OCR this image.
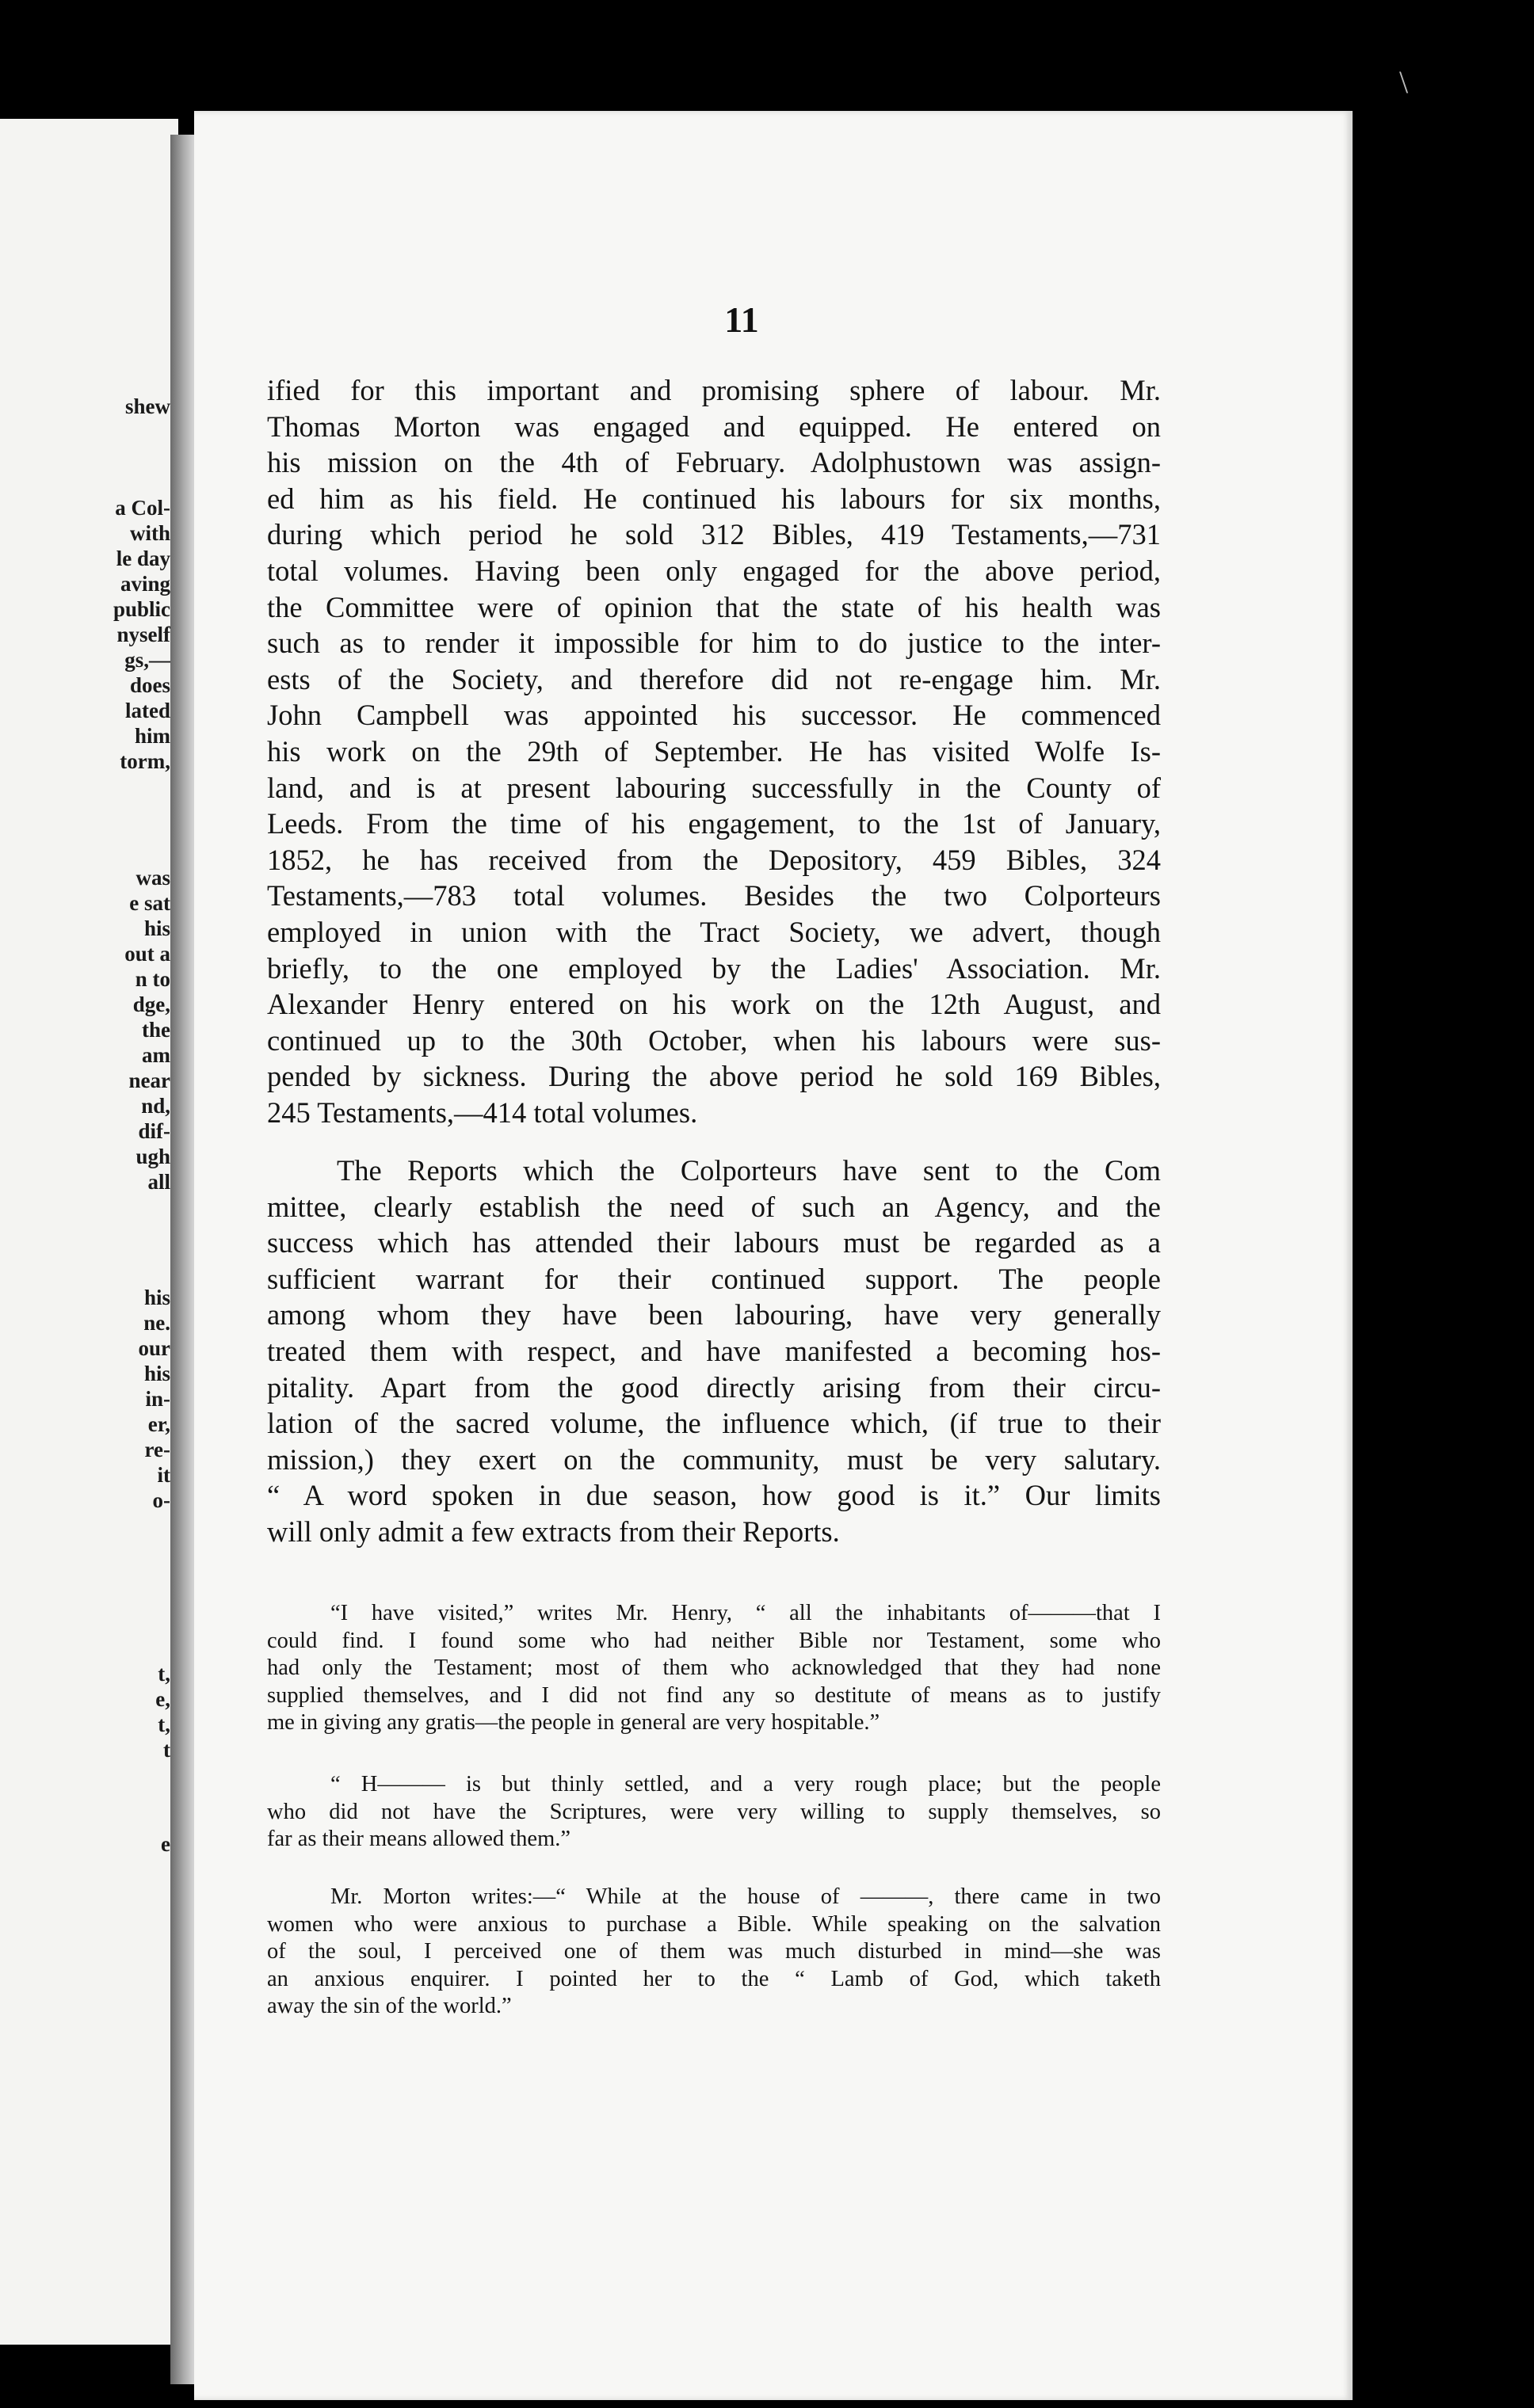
shew
a Col-
with
le day
aving
public
nyself
gs,—
does
lated
him
torm,
was
e sat
his
out a
n to
dge,
the
am
near
nd,
dif-
ugh
all
his
ne.
our
his
in-
er,
re-
it
o-
t,
e,
t,
t
e
11

ified for this important and promising sphere of labour. Mr.
Thomas Morton was engaged and equipped. He entered on
his mission on the 4th of February. Adolphustown was assign-
ed him as his field. He continued his labours for six months,
during which period he sold 312 Bibles, 419 Testaments,—731
total volumes. Having been only engaged for the above period,
the Committee were of opinion that the state of his health was
such as to render it impossible for him to do justice to the inter-
ests of the Society, and therefore did not re-engage him. Mr.
John Campbell was appointed his successor. He commenced
his work on the 29th of September. He has visited Wolfe Is-
land, and is at present labouring successfully in the County of
Leeds. From the time of his engagement, to the 1st of January,
1852, he has received from the Depository, 459 Bibles, 324
Testaments,—783 total volumes. Besides the two Colporteurs
employed in union with the Tract Society, we advert, though
briefly, to the one employed by the Ladies' Association. Mr.
Alexander Henry entered on his work on the 12th August, and
continued up to the 30th October, when his labours were sus-
pended by sickness. During the above period he sold 169 Bibles,
245 Testaments,—414 total volumes.

The Reports which the Colporteurs have sent to the Com
mittee, clearly establish the need of such an Agency, and the
success which has attended their labours must be regarded as a
sufficient warrant for their continued support. The people
among whom they have been labouring, have very generally
treated them with respect, and have manifested a becoming hos-
pitality. Apart from the good directly arising from their circu-
lation of the sacred volume, the influence which, (if true to their
mission,) they exert on the community, must be very salutary.
“ A word spoken in due season, how good is it.” Our limits
will only admit a few extracts from their Reports.

“I have visited,” writes Mr. Henry, “ all the inhabitants of———that I
could find. I found some who had neither Bible nor Testament, some who
had only the Testament; most of them who acknowledged that they had none
supplied themselves, and I did not find any so destitute of means as to justify
me in giving any gratis—the people in general are very hospitable.”

“ H——— is but thinly settled, and a very rough place; but the people
who did not have the Scriptures, were very willing to supply themselves, so
far as their means allowed them.”

Mr. Morton writes:—“ While at the house of ———, there came in two
women who were anxious to purchase a Bible. While speaking on the salvation
of the soul, I perceived one of them was much disturbed in mind—she was
an anxious enquirer. I pointed her to the “ Lamb of God, which taketh
away the sin of the world.”

\
